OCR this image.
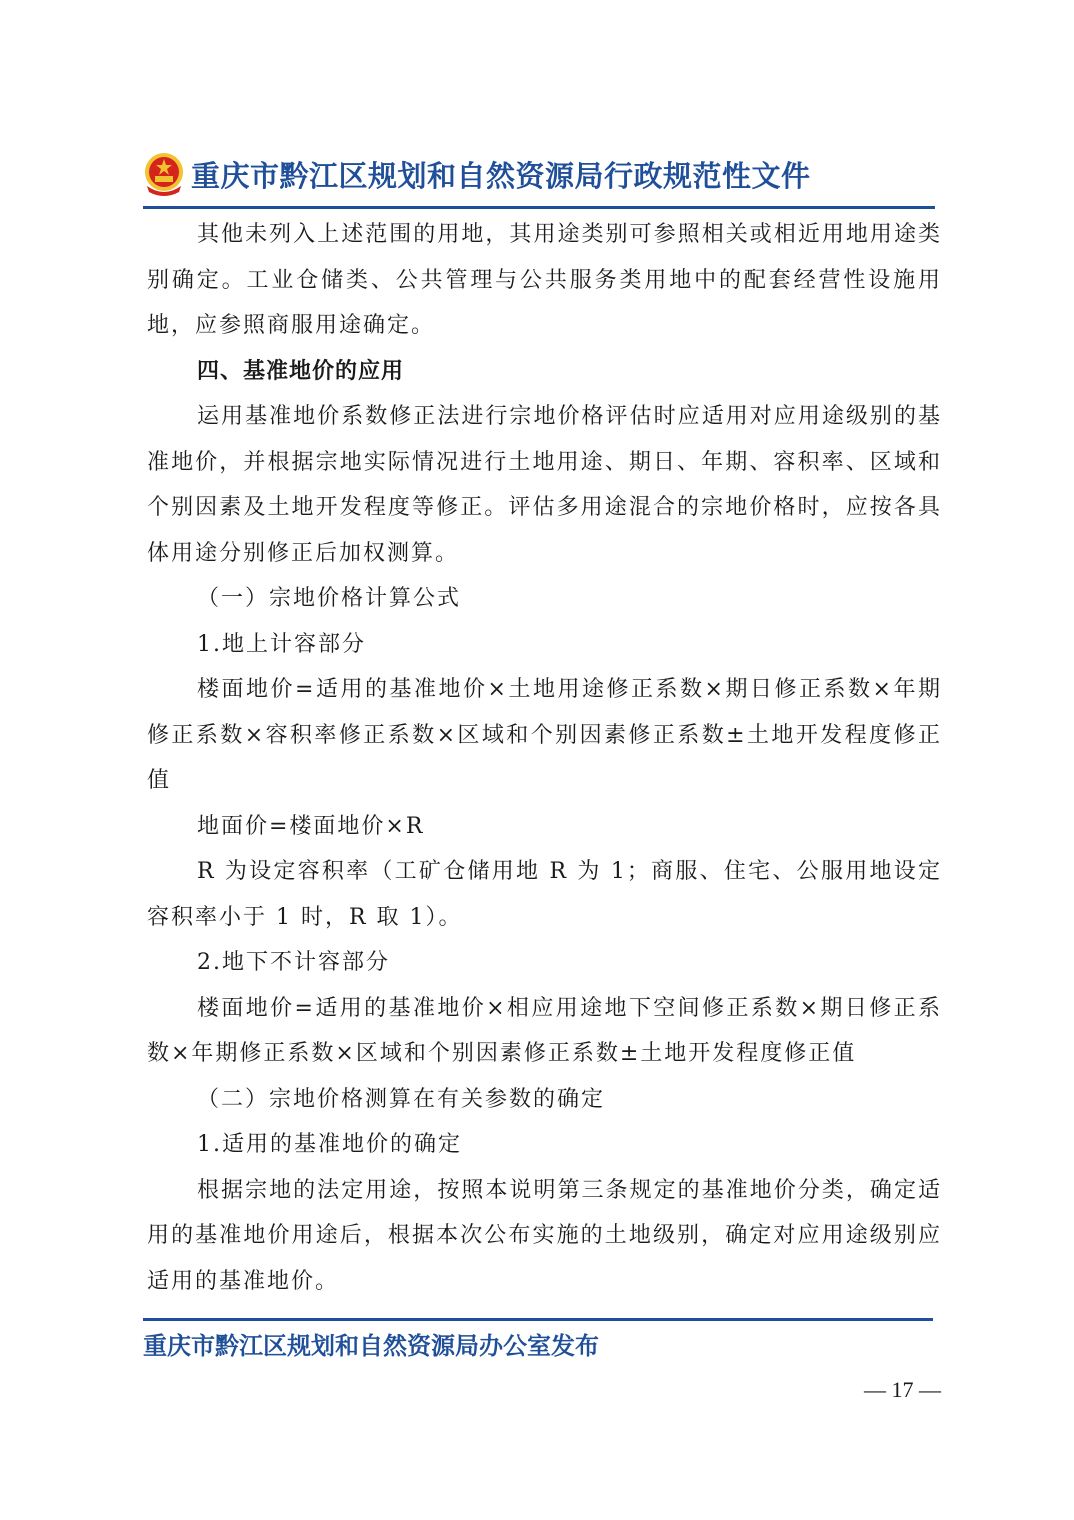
重庆市黔江区规划和自然资源局行政规范性文件

其他未列入上述范围的用地，其用途类别可参照相关或相近用地用途类别确定。工业仓储类、公共管理与公共服务类用地中的配套经营性设施用地，应参照商服用途确定。

四、基准地价的应用

运用基准地价系数修正法进行宗地价格评估时应适用对应用途级别的基准地价，并根据宗地实际情况进行土地用途、期日、年期、容积率、区域和个别因素及土地开发程度等修正。评估多用途混合的宗地价格时，应按各具体用途分别修正后加权测算。

（一）宗地价格计算公式

1.地上计容部分

楼面地价=适用的基准地价×土地用途修正系数×期日修正系数×年期修正系数×容积率修正系数×区域和个别因素修正系数±土地开发程度修正值

地面价=楼面地价×R

R 为设定容积率（工矿仓储用地 R 为 1；商服、住宅、公服用地设定容积率小于 1 时，R 取 1）。

2.地下不计容部分

楼面地价=适用的基准地价×相应用途地下空间修正系数×期日修正系数×年期修正系数×区域和个别因素修正系数±土地开发程度修正值

（二）宗地价格测算在有关参数的确定

1.适用的基准地价的确定

根据宗地的法定用途，按照本说明第三条规定的基准地价分类，确定适用的基准地价用途后，根据本次公布实施的土地级别，确定对应用途级别应适用的基准地价。

重庆市黔江区规划和自然资源局办公室发布
— 17 —
